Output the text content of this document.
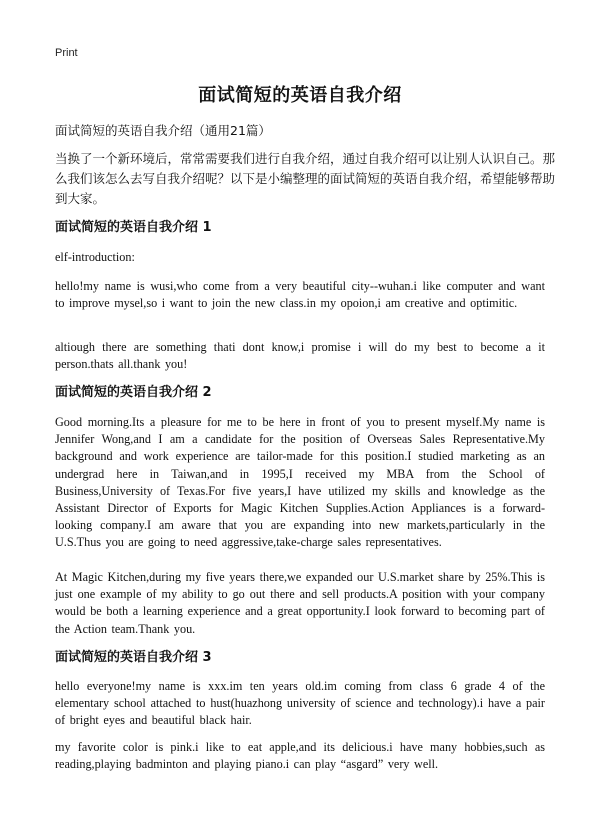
Print
面试简短的英语自我介绍
面试简短的英语自我介绍（通用21篇）
当换了一个新环境后，常常需要我们进行自我介绍，通过自我介绍可以让别人认识自己。那么我们该怎么去写自我介绍呢？以下是小编整理的面试简短的英语自我介绍，希望能够帮助到大家。
面试简短的英语自我介绍 1
elf-introduction:
hello!my name is wusi,who come from a very beautiful city--wuhan.i like computer and want to improve mysel,so i want to join the new class.in my opoion,i am creative and optimitic.
altiough there are something thati dont know,i promise i will do my best to become a it person.thats all.thank you!
面试简短的英语自我介绍 2
Good morning.Its a pleasure for me to be here in front of you to present myself.My name is Jennifer Wong,and I am a candidate for the position of Overseas Sales Representative.My background and work experience are tailor-made for this position.I studied marketing as an undergrad here in Taiwan,and in 1995,I received my MBA from the School of Business,University of Texas.For five years,I have utilized my skills and knowledge as the Assistant Director of Exports for Magic Kitchen Supplies.Action Appliances is a forward-looking company.I am aware that you are expanding into new markets,particularly in the U.S.Thus you are going to need aggressive,take-charge sales representatives.
At Magic Kitchen,during my five years there,we expanded our U.S.market share by 25%.This is just one example of my ability to go out there and sell products.A position with your company would be both a learning experience and a great opportunity.I look forward to becoming part of the Action team.Thank you.
面试简短的英语自我介绍 3
hello everyone!my name is xxx.im ten years old.im coming from class 6 grade 4 of the elementary school attached to hust(huazhong university of science and technology).i have a pair of bright eyes and beautiful black hair.
my favorite color is pink.i like to eat apple,and its delicious.i have many hobbies,such as reading,playing badminton and playing piano.i can play “asgard” very well.
